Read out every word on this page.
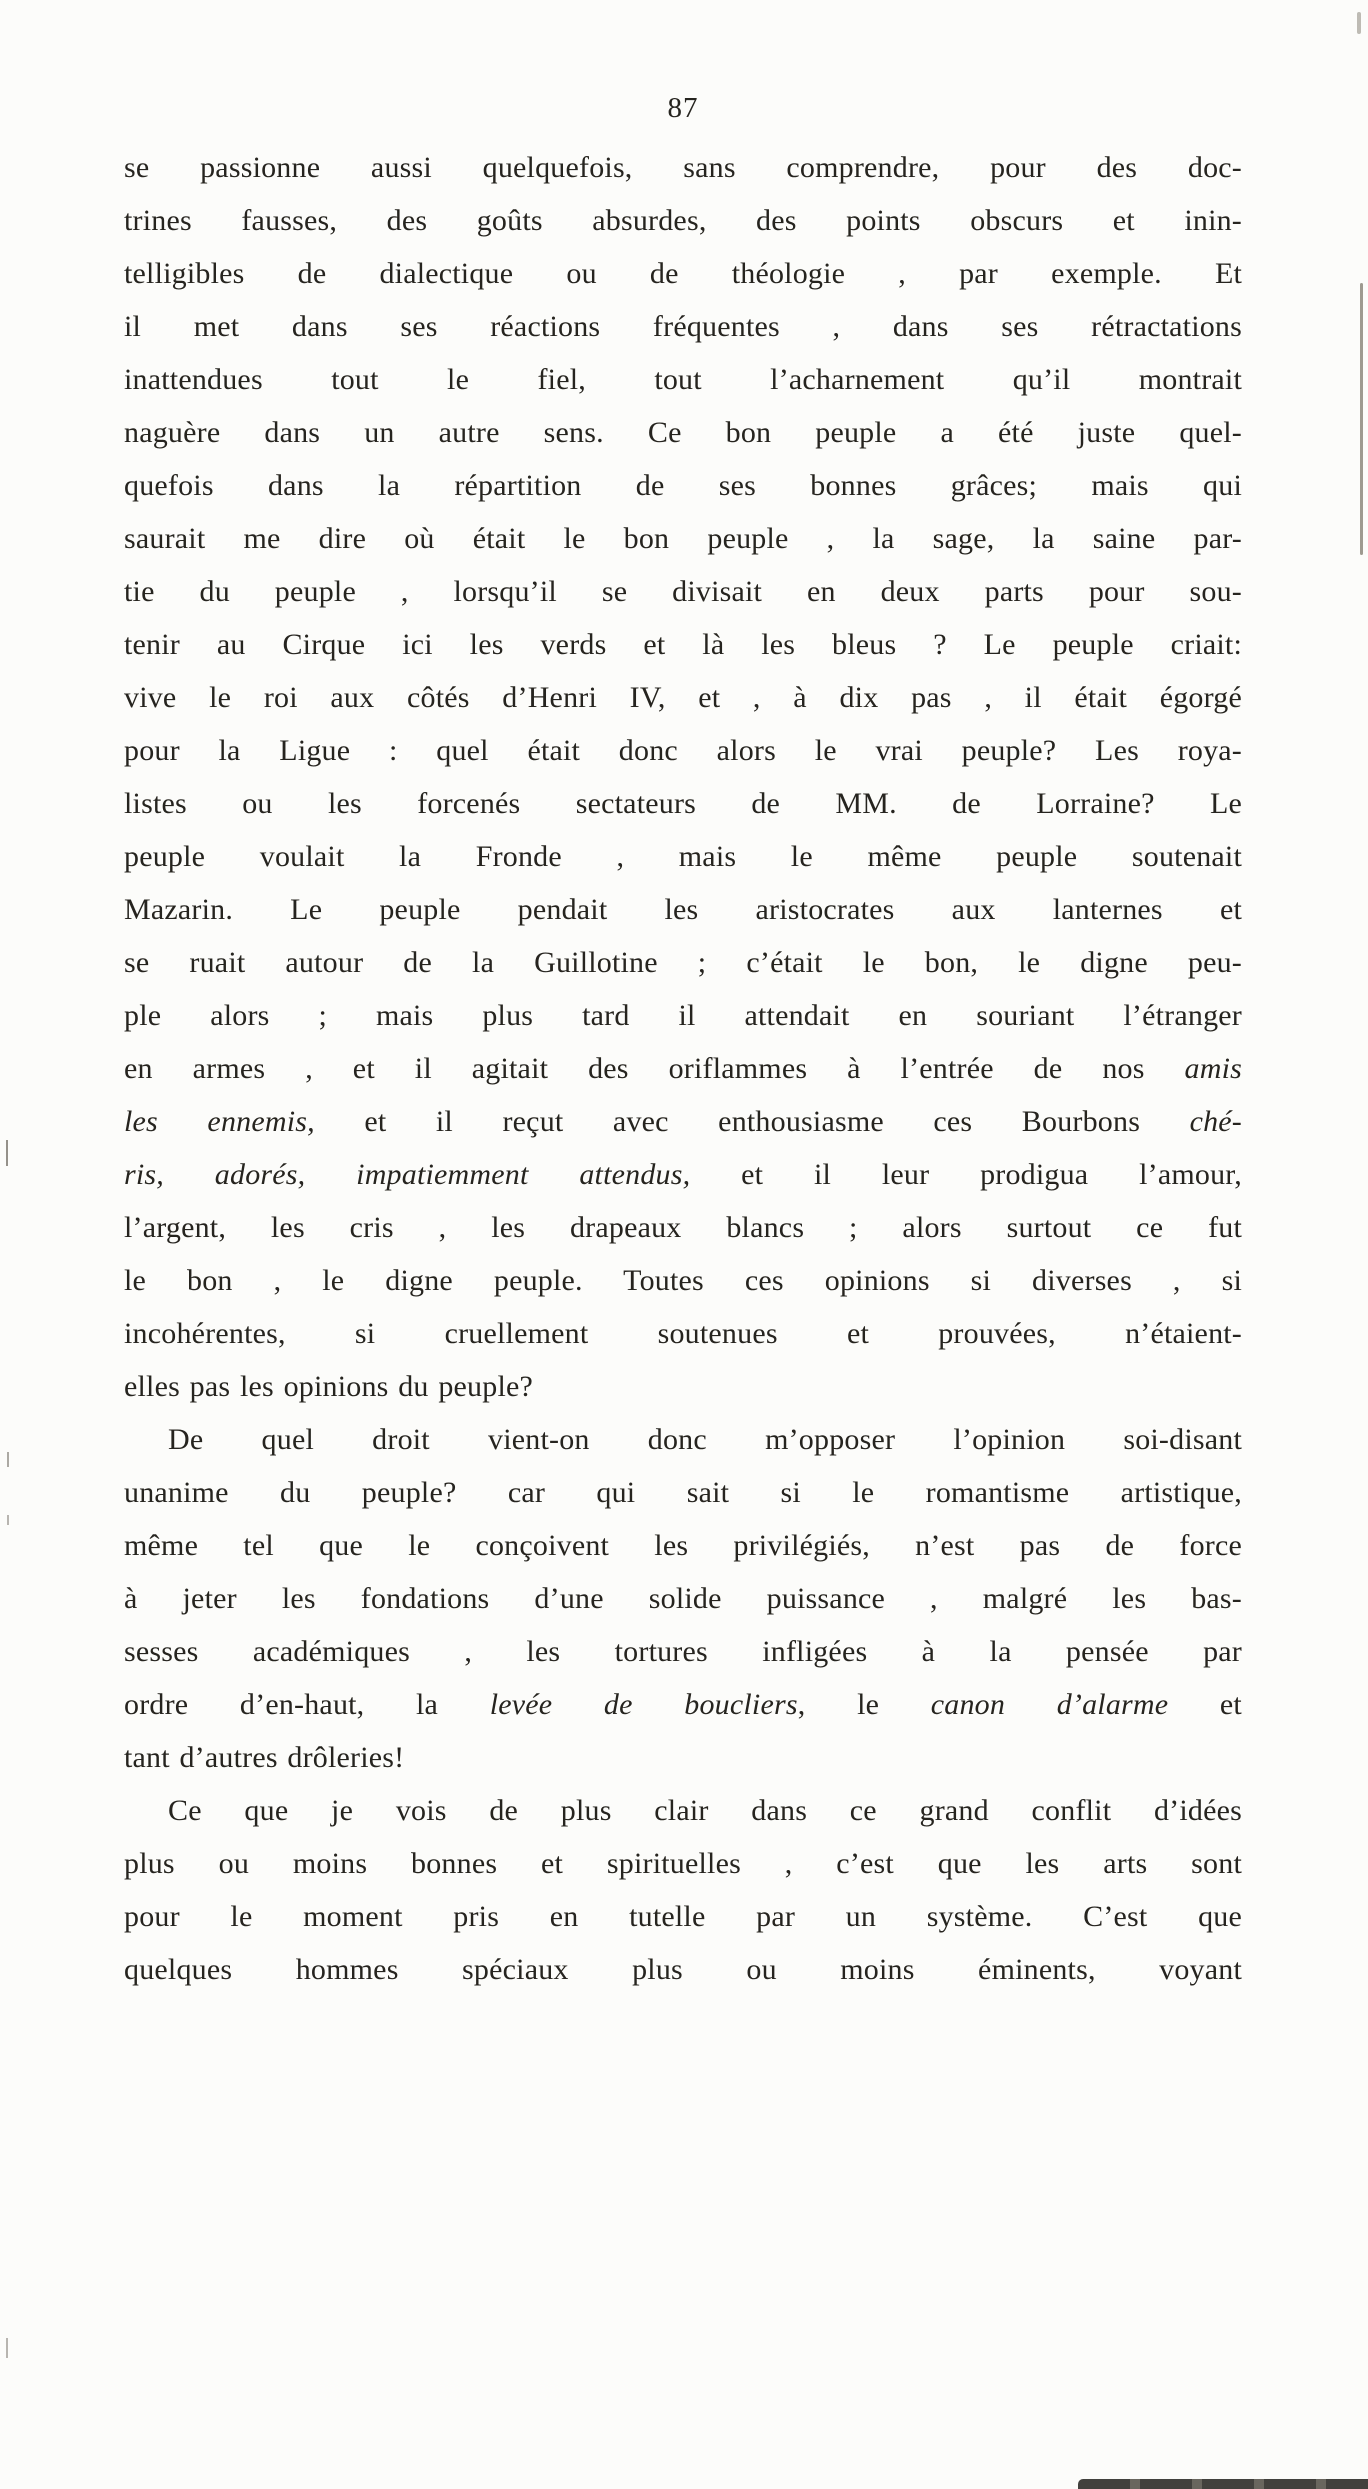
87
se passionne aussi quelquefois, sans comprendre, pour des doc-
trines fausses, des goûts absurdes, des points obscurs et inin-
telligibles de dialectique ou de théologie , par exemple. Et
il met dans ses réactions fréquentes , dans ses rétractations
inattendues tout le fiel, tout l’acharnement qu’il montrait
naguère dans un autre sens. Ce bon peuple a été juste quel-
quefois dans la répartition de ses bonnes grâces; mais qui
saurait me dire où était le bon peuple , la sage, la saine par-
tie du peuple , lorsqu’il se divisait en deux parts pour sou-
tenir au Cirque ici les verds et là les bleus ? Le peuple criait:
vive le roi aux côtés d’Henri IV, et , à dix pas , il était égorgé
pour la Ligue : quel était donc alors le vrai peuple? Les roya-
listes ou les forcenés sectateurs de MM. de Lorraine? Le
peuple voulait la Fronde , mais le même peuple soutenait
Mazarin. Le peuple pendait les aristocrates aux lanternes et
se ruait autour de la Guillotine ; c’était le bon, le digne peu-
ple alors ; mais plus tard il attendait en souriant l’étranger
en armes , et il agitait des oriflammes à l’entrée de nos amis
les ennemis, et il reçut avec enthousiasme ces Bourbons ché-
ris, adorés, impatiemment attendus, et il leur prodigua l’amour,
l’argent, les cris , les drapeaux blancs ; alors surtout ce fut
le bon , le digne peuple. Toutes ces opinions si diverses , si
incohérentes, si cruellement soutenues et prouvées, n’étaient-
elles pas les opinions du peuple?
De quel droit vient-on donc m’opposer l’opinion soi-disant
unanime du peuple? car qui sait si le romantisme artistique,
même tel que le conçoivent les privilégiés, n’est pas de force
à jeter les fondations d’une solide puissance , malgré les bas-
sesses académiques , les tortures infligées à la pensée par
ordre d’en-haut, la levée de boucliers, le canon d’alarme et
tant d’autres drôleries!
Ce que je vois de plus clair dans ce grand conflit d’idées
plus ou moins bonnes et spirituelles , c’est que les arts sont
pour le moment pris en tutelle par un système. C’est que
quelques hommes spéciaux plus ou moins éminents, voyant
